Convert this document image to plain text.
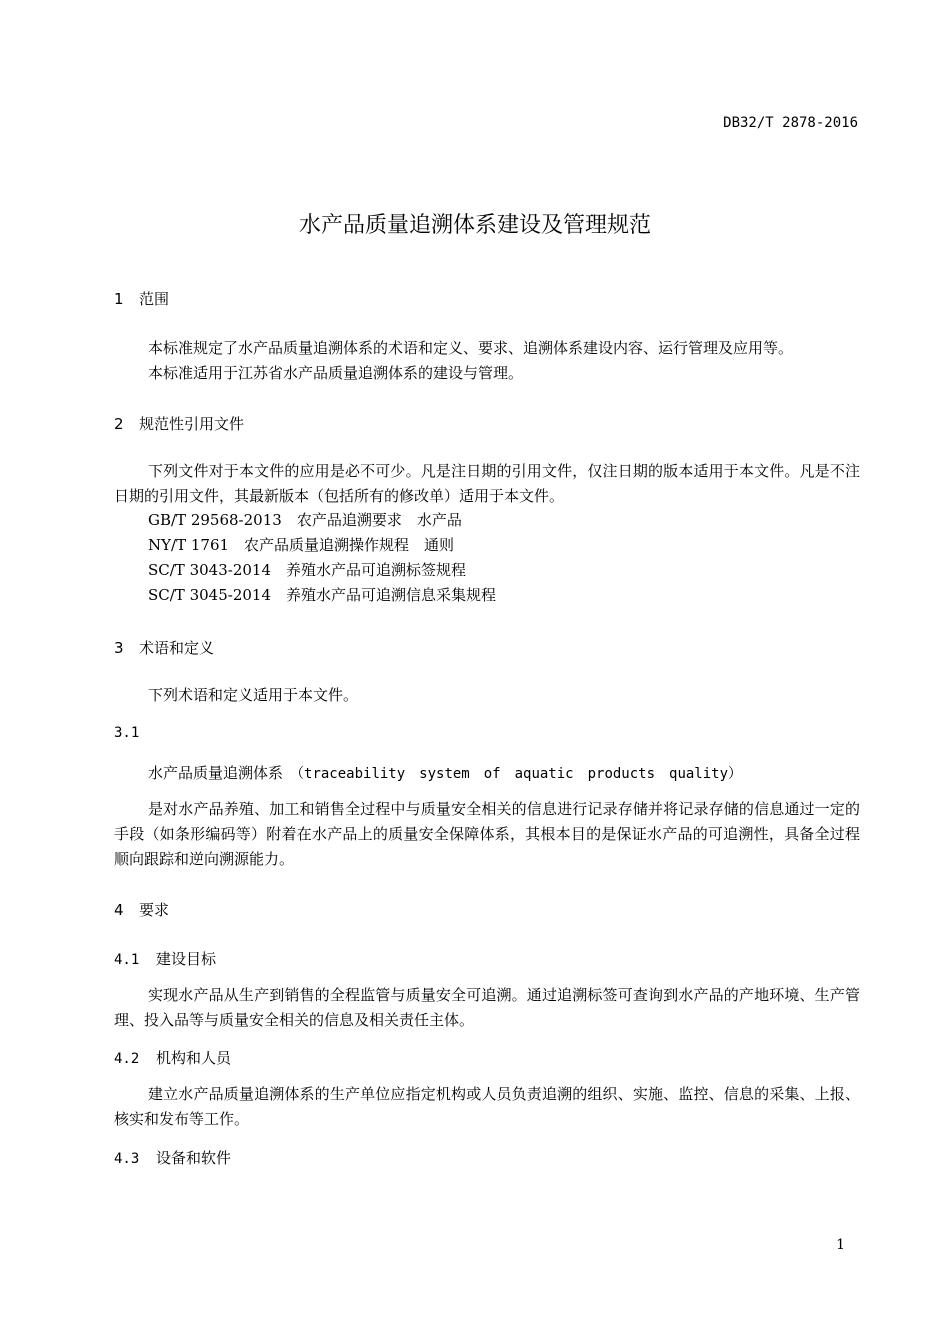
DB32/T 2878-2016
水产品质量追溯体系建设及管理规范
1 范围
本标准规定了水产品质量追溯体系的术语和定义、要求、追溯体系建设内容、运行管理及应用等。
本标准适用于江苏省水产品质量追溯体系的建设与管理。
2 规范性引用文件
下列文件对于本文件的应用是必不可少。凡是注日期的引用文件，仅注日期的版本适用于本文件。凡是不注日期的引用文件，其最新版本（包括所有的修改单）适用于本文件。
GB/T 29568-2013　 农产品追溯要求　水产品
NY/T 1761　 农产品质量追溯操作规程　通则
SC/T 3043-2014　 养殖水产品可追溯标签规程
SC/T 3045-2014　 养殖水产品可追溯信息采集规程
3 术语和定义
下列术语和定义适用于本文件。
3.1
水产品质量追溯体系 （traceability　system　of　aquatic　products　quality）
是对水产品养殖、加工和销售全过程中与质量安全相关的信息进行记录存储并将记录存储的信息通过一定的手段（如条形编码等）附着在水产品上的质量安全保障体系，其根本目的是保证水产品的可追溯性，具备全过程顺向跟踪和逆向溯源能力。
4 要求
4.1 建设目标
实现水产品从生产到销售的全程监管与质量安全可追溯。通过追溯标签可查询到水产品的产地环境、生产管理、投入品等与质量安全相关的信息及相关责任主体。
4.2 机构和人员
建立水产品质量追溯体系的生产单位应指定机构或人员负责追溯的组织、实施、监控、信息的采集、上报、核实和发布等工作。
4.3 设备和软件
1
